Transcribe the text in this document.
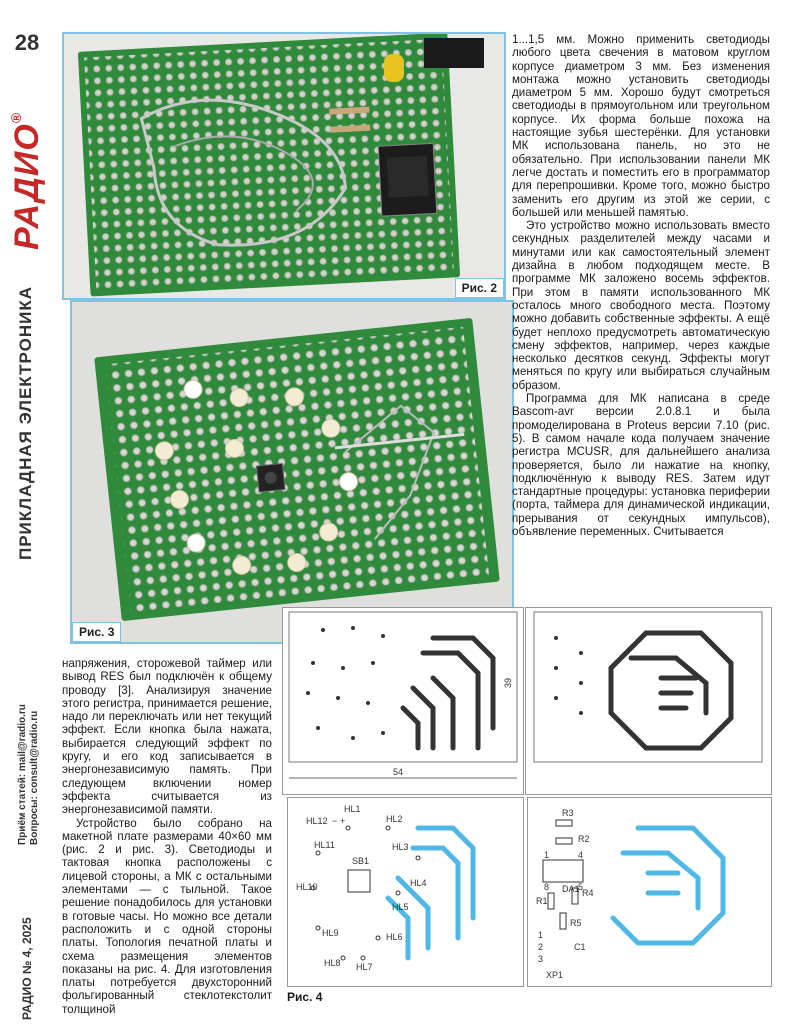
28
РАДИО®
ПРИКЛАДНАЯ ЭЛЕКТРОНИКА
Приём статей: mail@radio.ru Вопросы: consult@radio.ru
РАДИО № 4, 2025
Рис. 2
Рис. 3

1...1,5 мм. Можно применить светодиоды любого цвета свечения в матовом круглом корпусе диаметром 3 мм. Без изменения монтажа можно установить светодиоды диаметром 5 мм. Хорошо будут смотреться светодиоды в прямоугольном или треугольном корпусе. Их форма больше похожа на настоящие зубья шестерёнки. Для установки МК использована панель, но это не обязательно. При использовании панели МК легче достать и поместить его в программатор для перепрошивки. Кроме того, можно быстро заменить его другим из этой же серии, с большей или меньшей памятью.

Это устройство можно использовать вместо секундных разделителей между часами и минутами или как самостоятельный элемент дизайна в любом подходящем месте. В программе МК заложено восемь эффектов. При этом в памяти использованного МК осталось много свободного места. Поэтому можно добавить собственные эффекты. А ещё будет неплохо предусмотреть автоматическую смену эффектов, например, через каждые несколько десятков секунд. Эффекты могут меняться по кругу или выбираться случайным образом.

Программа для МК написана в среде Bascom-avr версии 2.0.8.1 и была промоделирована в Proteus версии 7.10 (рис. 5). В самом начале кода получаем значение регистра MCUSR, для дальнейшего анализа проверяется, было ли нажатие на кнопку, подключённую к выводу RES. Затем идут стандартные процедуры: установка периферии (порта, таймера для динамической индикации, прерывания от секундных импульсов), объявление переменных. Считывается

напряжения, сторожевой таймер или вывод RES был подключён к общему проводу [3]. Анализируя значение этого регистра, принимается решение, надо ли переключать или нет текущий эффект. Если кнопка была нажата, выбирается следующий эффект по кругу, и его код записывается в энергонезависимую память. При следующем включении номер эффекта считывается из энергонезависимой памяти.

Устройство было собрано на макетной плате размерами 40×60 мм (рис. 2 и рис. 3). Светодиоды и тактовая кнопка расположены с лицевой стороны, а МК с остальными элементами — с тыльной. Такое решение понадобилось для установки в готовые часы. Но можно все детали расположить и с одной стороны платы. Топология печатной платы и схема размещения элементов показаны на рис. 4. Для изготовления платы потребуется двухсторонний фольгированный стеклотекстолит толщиной

54
39
HL1
HL2
HL3
HL4
HL5
HL6
HL7
HL8
HL9
HL10
HL11
HL12
SB1
− +
R3
R2
R1
R4
R5
C1
DA1
XP1
1	4
5
8
1
2
3
Рис. 4
